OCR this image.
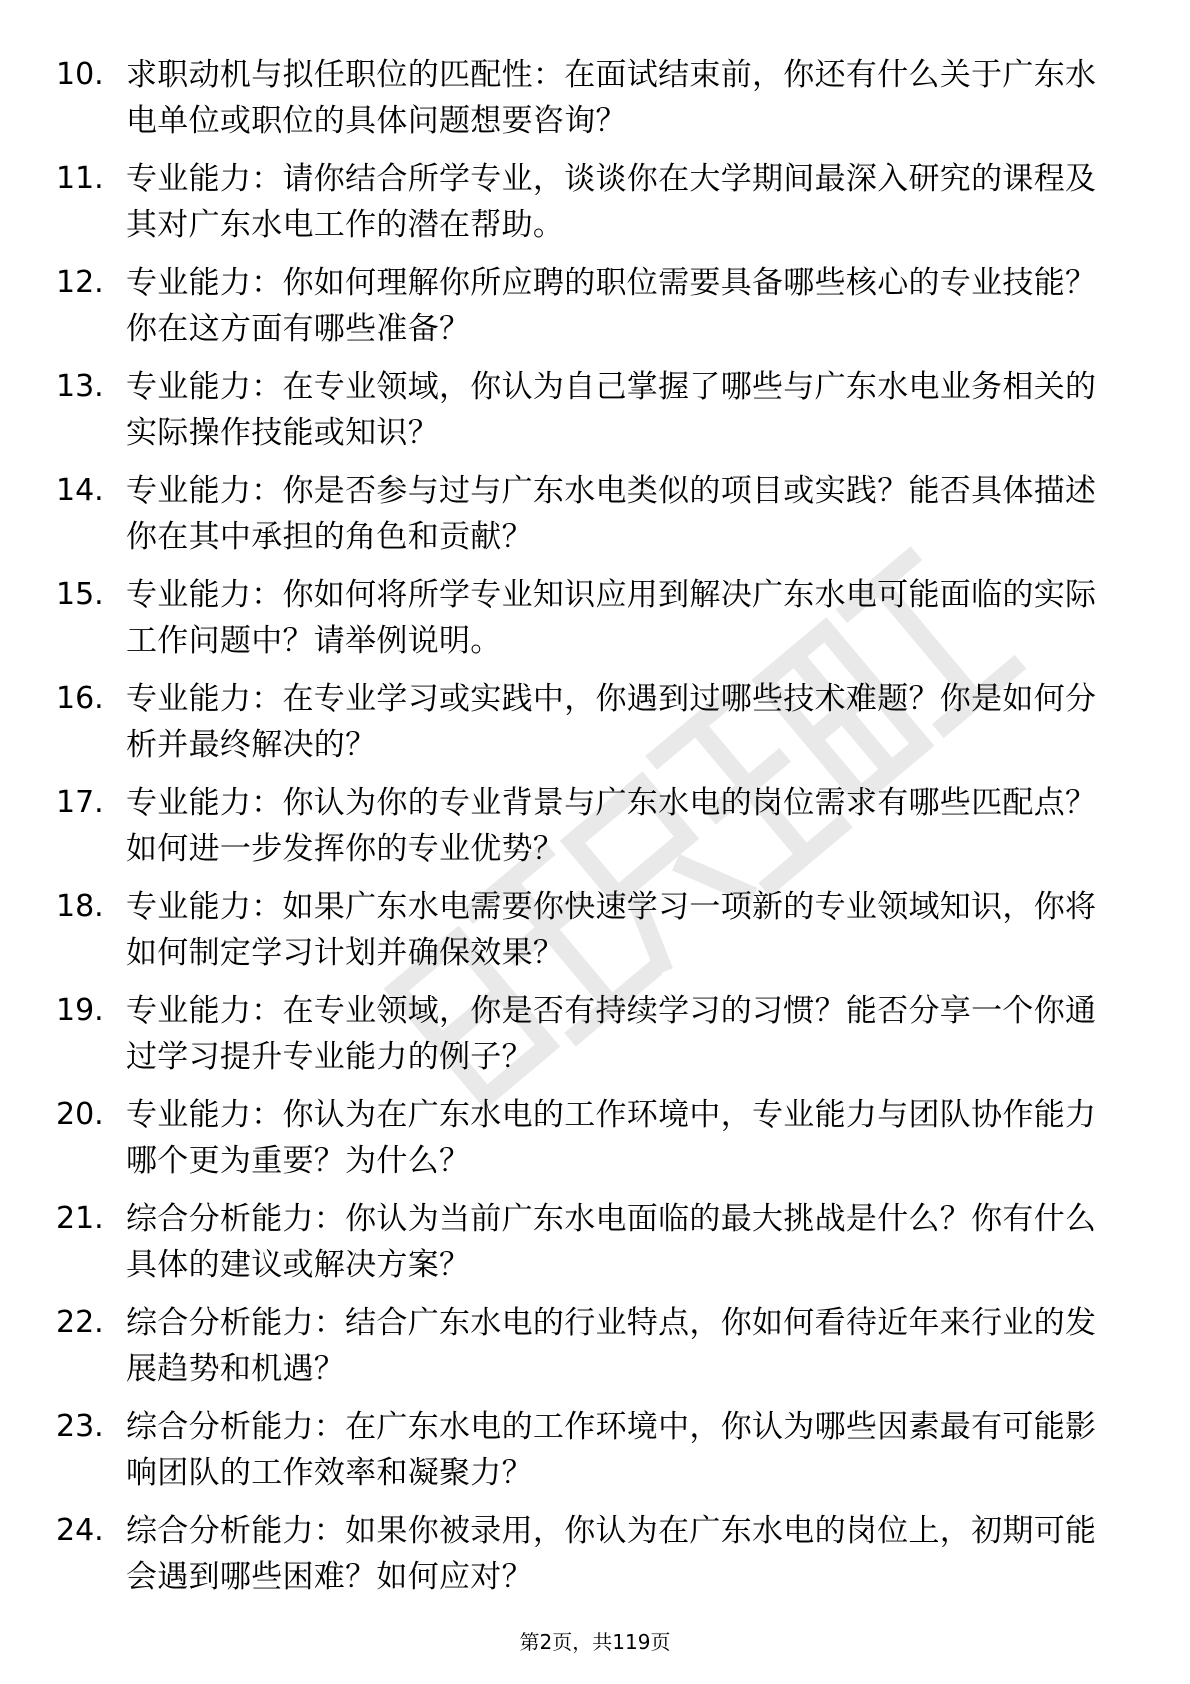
10. 求职动机与拟任职位的匹配性：在面试结束前，你还有什么关于广东水电单位或职位的具体问题想要咨询？
11. 专业能力：请你结合所学专业，谈谈你在大学期间最深入研究的课程及其对广东水电工作的潜在帮助。
12. 专业能力：你如何理解你所应聘的职位需要具备哪些核心的专业技能？你在这方面有哪些准备？
13. 专业能力：在专业领域，你认为自己掌握了哪些与广东水电业务相关的实际操作技能或知识？
14. 专业能力：你是否参与过与广东水电类似的项目或实践？能否具体描述你在其中承担的角色和贡献？
15. 专业能力：你如何将所学专业知识应用到解决广东水电可能面临的实际工作问题中？请举例说明。
16. 专业能力：在专业学习或实践中，你遇到过哪些技术难题？你是如何分析并最终解决的？
17. 专业能力：你认为你的专业背景与广东水电的岗位需求有哪些匹配点？如何进一步发挥你的专业优势？
18. 专业能力：如果广东水电需要你快速学习一项新的专业领域知识，你将如何制定学习计划并确保效果？
19. 专业能力：在专业领域，你是否有持续学习的习惯？能否分享一个你通过学习提升专业能力的例子？
20. 专业能力：你认为在广东水电的工作环境中，专业能力与团队协作能力哪个更为重要？为什么？
21. 综合分析能力：你认为当前广东水电面临的最大挑战是什么？你有什么具体的建议或解决方案？
22. 综合分析能力：结合广东水电的行业特点，你如何看待近年来行业的发展趋势和机遇？
23. 综合分析能力：在广东水电的工作环境中，你认为哪些因素最有可能影响团队的工作效率和凝聚力？
24. 综合分析能力：如果你被录用，你认为在广东水电的岗位上，初期可能会遇到哪些困难？如何应对？
第2页，共119页
